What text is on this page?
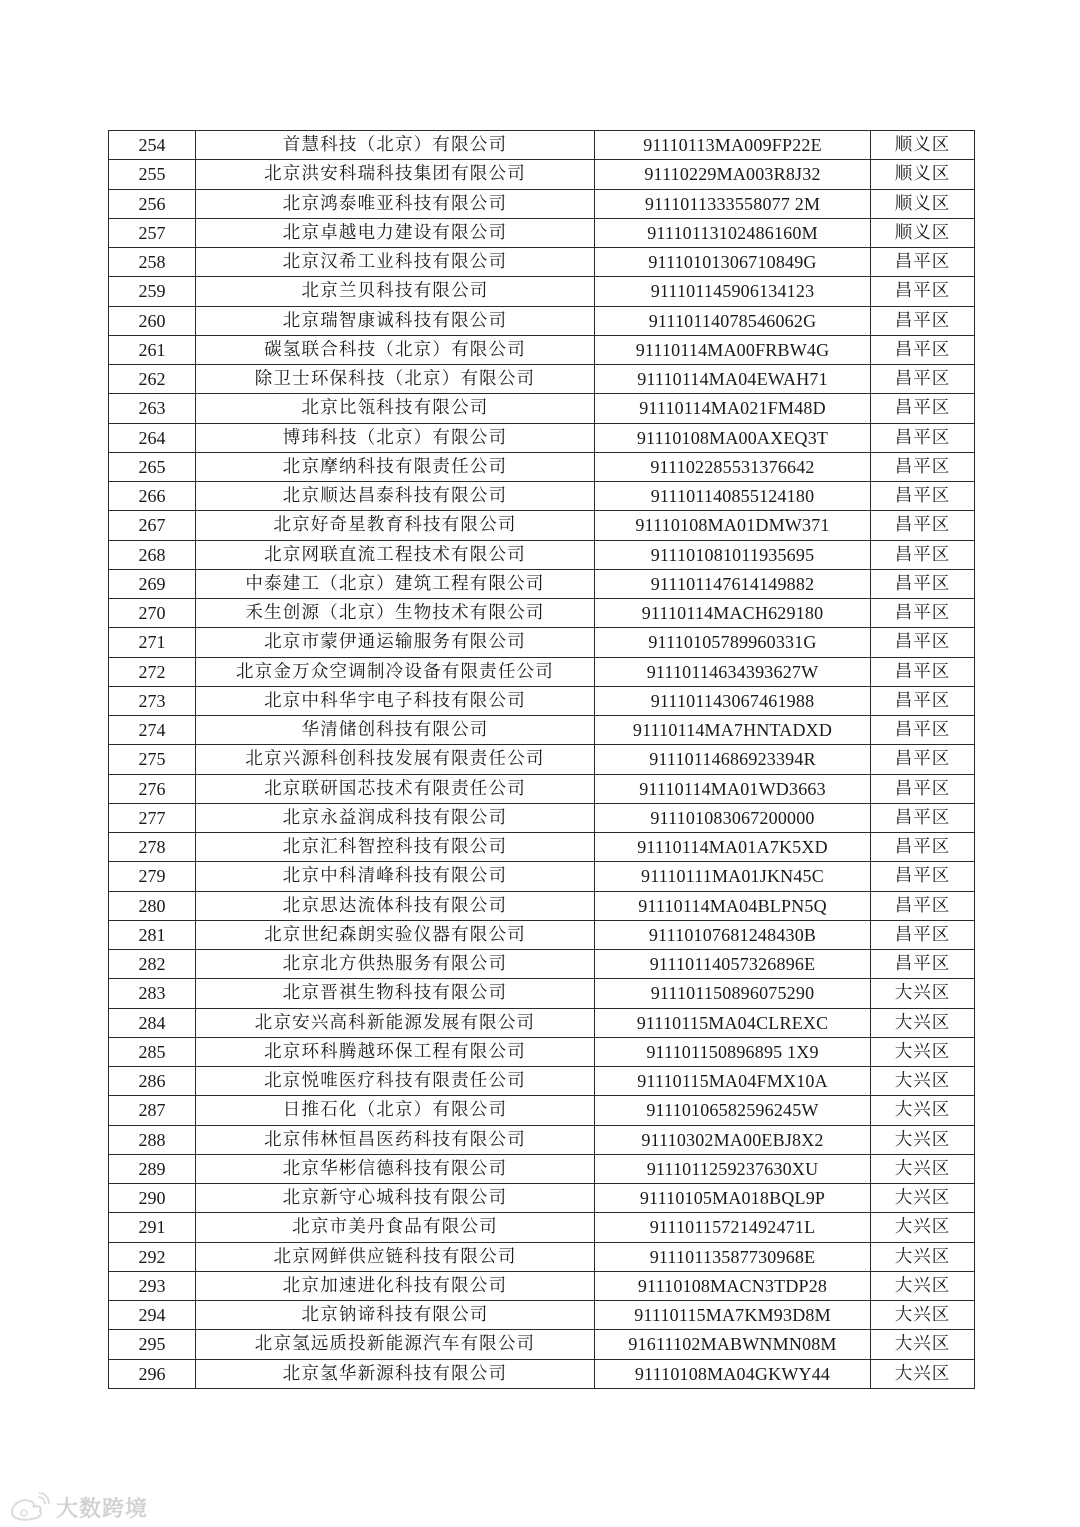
254	首慧科技（北京）有限公司	91110113MA009FP22E	顺义区
255	北京洪安科瑞科技集团有限公司	91110229MA003R8J32	顺义区
256	北京鸿泰唯亚科技有限公司	9111011333558077 2M	顺义区
257	北京卓越电力建设有限公司	91110113102486160M	顺义区
258	北京汉希工业科技有限公司	91110101306710849G	昌平区
259	北京兰贝科技有限公司	911101145906134123	昌平区
260	北京瑞智康诚科技有限公司	91110114078546062G	昌平区
261	碳氢联合科技（北京）有限公司	91110114MA00FRBW4G	昌平区
262	除卫士环保科技（北京）有限公司	91110114MA04EWAH71	昌平区
263	北京比瓴科技有限公司	91110114MA021FM48D	昌平区
264	博玮科技（北京）有限公司	91110108MA00AXEQ3T	昌平区
265	北京摩纳科技有限责任公司	911102285531376642	昌平区
266	北京顺达昌泰科技有限公司	911101140855124180	昌平区
267	北京好奇星教育科技有限公司	91110108MA01DMW371	昌平区
268	北京网联直流工程技术有限公司	911101081011935695	昌平区
269	中泰建工（北京）建筑工程有限公司	911101147614149882	昌平区
270	禾生创源（北京）生物技术有限公司	91110114MACH629180	昌平区
271	北京市蒙伊通运输服务有限公司	91110105789960331G	昌平区
272	北京金万众空调制冷设备有限责任公司	91110114634393627W	昌平区
273	北京中科华宇电子科技有限公司	911101143067461988	昌平区
274	华清储创科技有限公司	91110114MA7HNTADXD	昌平区
275	北京兴源科创科技发展有限责任公司	91110114686923394R	昌平区
276	北京联研国芯技术有限责任公司	91110114MA01WD3663	昌平区
277	北京永益润成科技有限公司	911101083067200000	昌平区
278	北京汇科智控科技有限公司	91110114MA01A7K5XD	昌平区
279	北京中科清峰科技有限公司	91110111MA01JKN45C	昌平区
280	北京思达流体科技有限公司	91110114MA04BLPN5Q	昌平区
281	北京世纪森朗实验仪器有限公司	91110107681248430B	昌平区
282	北京北方供热服务有限公司	91110114057326896E	昌平区
283	北京晋祺生物科技有限公司	911101150896075290	大兴区
284	北京安兴高科新能源发展有限公司	91110115MA04CLREXC	大兴区
285	北京环科腾越环保工程有限公司	911101150896895 1X9	大兴区
286	北京悦唯医疗科技有限责任公司	91110115MA04FMX10A	大兴区
287	日推石化（北京）有限公司	91110106582596245W	大兴区
288	北京伟林恒昌医药科技有限公司	91110302MA00EBJ8X2	大兴区
289	北京华彬信德科技有限公司	9111011259237630XU	大兴区
290	北京新守心城科技有限公司	91110105MA018BQL9P	大兴区
291	北京市美丹食品有限公司	91110115721492471L	大兴区
292	北京网鲜供应链科技有限公司	91110113587730968E	大兴区
293	北京加速进化科技有限公司	91110108MACN3TDP28	大兴区
294	北京钠谛科技有限公司	91110115MA7KM93D8M	大兴区
295	北京氢远质投新能源汽车有限公司	91611102MABWNMN08M	大兴区
296	北京氢华新源科技有限公司	91110108MA04GKWY44	大兴区
大数跨境
